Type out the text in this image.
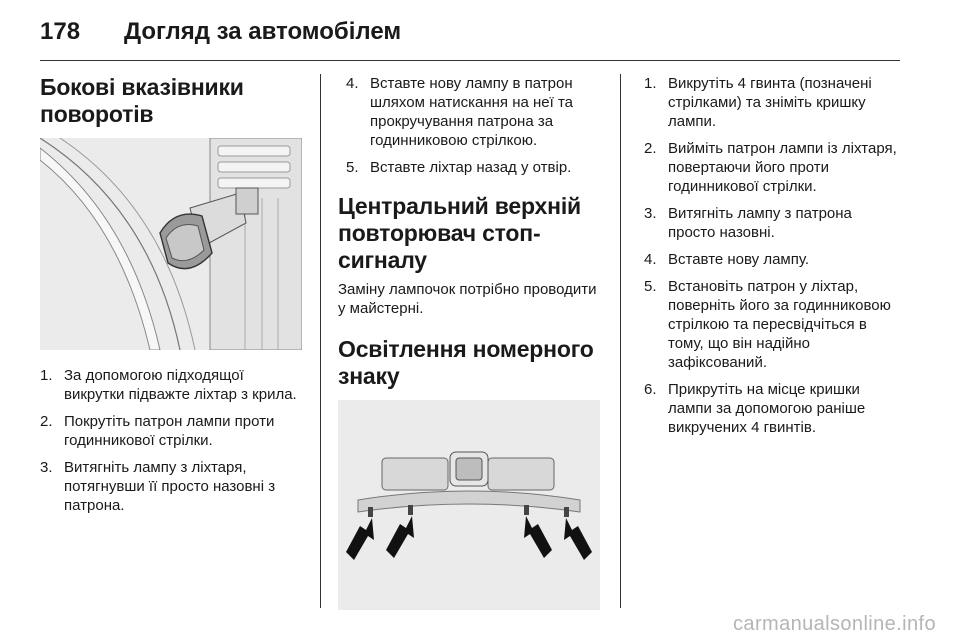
178 Догляд за автомобілем
Бокові вказівники поворотів
1. За допомогою підходящої викрутки підважте ліхтар з крила.
2. Покрутіть патрон лампи проти годинникової стрілки.
3. Витягніть лампу з ліхтаря, потягнувши її просто назовні з патрона.
4. Вставте нову лампу в патрон шляхом натискання на неї та прокручування патрона за годинниковою стрілкою.
5. Вставте ліхтар назад у отвір.
Центральний верхній повторювач стоп-сигналу

Заміну лампочок потрібно проводити у майстерні.

Освітлення номерного знаку
1. Викрутіть 4 гвинта (позначені стрілками) та зніміть кришку лампи.
2. Вийміть патрон лампи із ліхтаря, повертаючи його проти годинникової стрілки.
3. Витягніть лампу з патрона просто назовні.
4. Вставте нову лампу.
5. Встановіть патрон у ліхтар, поверніть його за годинниковою стрілкою та пересвідчіться в тому, що він надійно зафіксований.
6. Прикрутіть на місце кришки лампи за допомогою раніше викручених 4 гвинтів.
carmanualsonline.info
